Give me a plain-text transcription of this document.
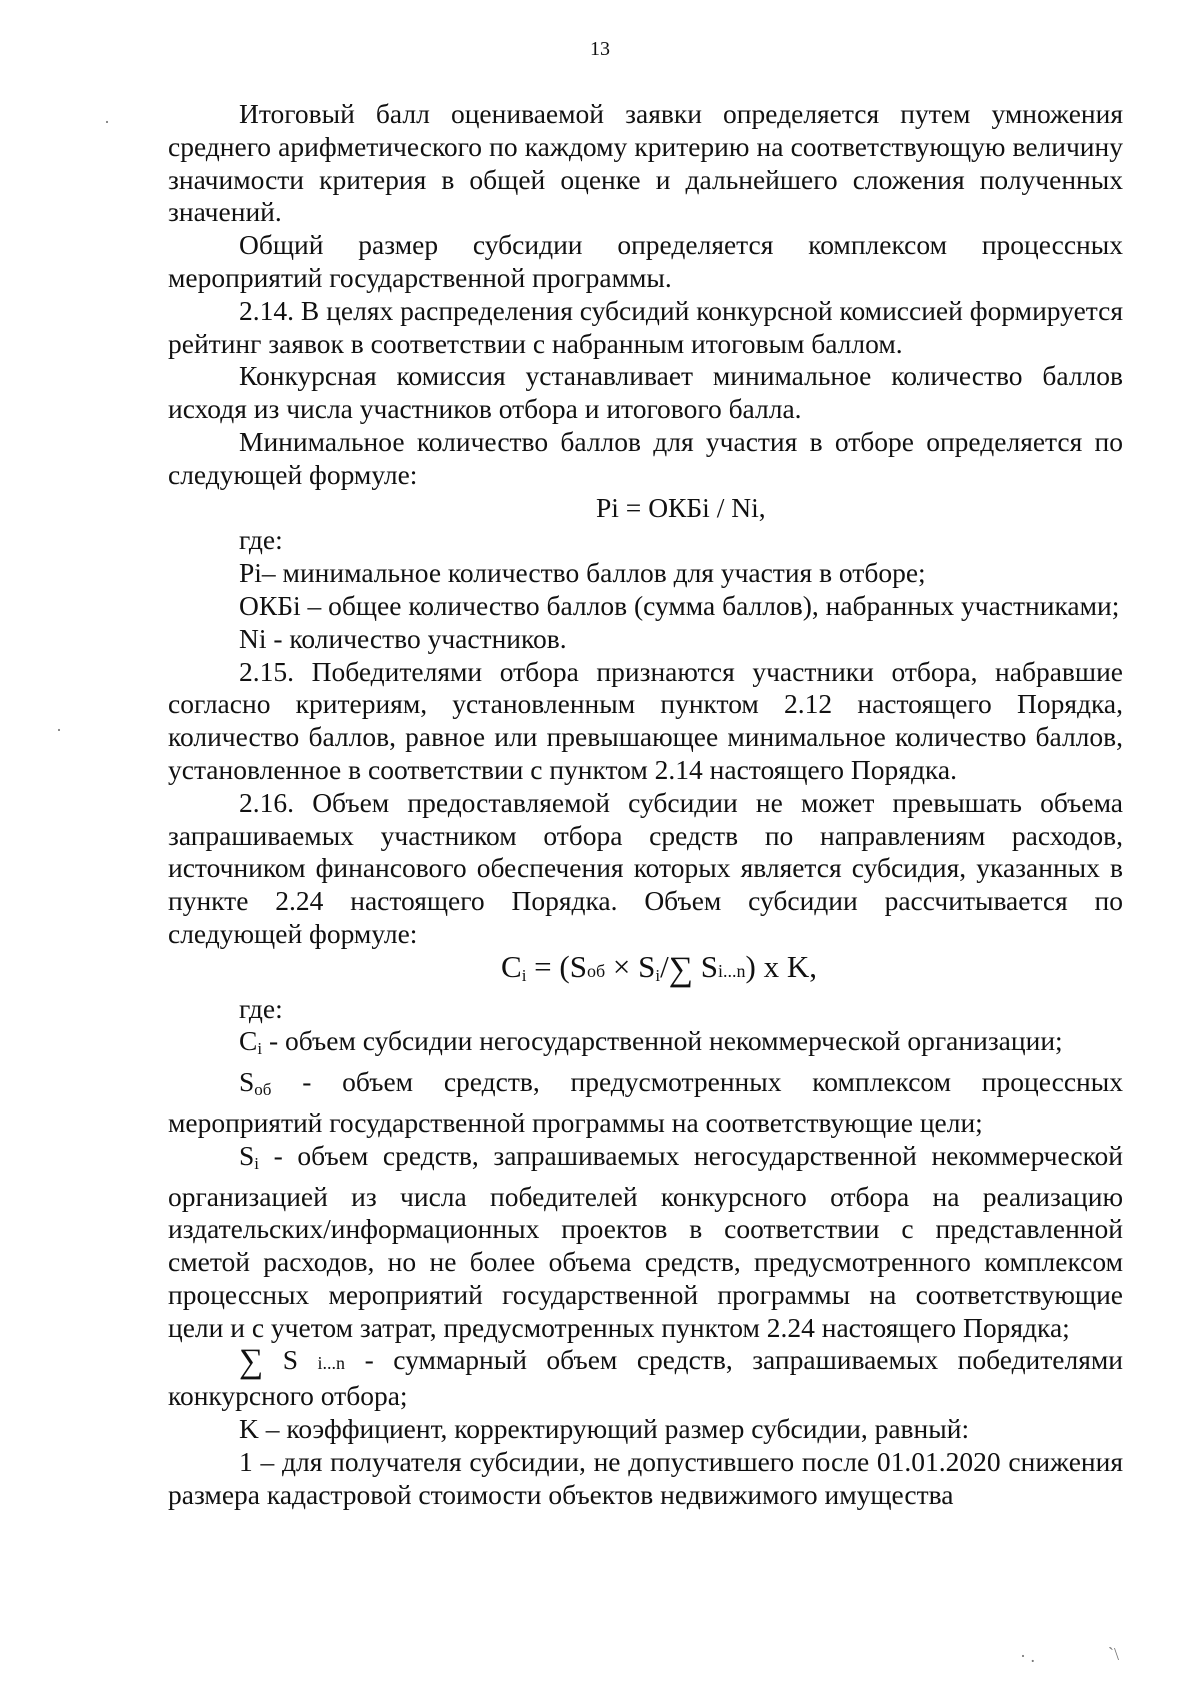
13

Итоговый балл оцениваемой заявки определяется путем умножения среднего арифметического по каждому критерию на соответствующую величину значимости критерия в общей оценке и дальнейшего сложения полученных значений.

Общий размер субсидии определяется комплексом процессных мероприятий государственной программы.

2.14. В целях распределения субсидий конкурсной комиссией формируется рейтинг заявок в соответствии с набранным итоговым баллом.

Конкурсная комиссия устанавливает минимальное количество баллов исходя из числа участников отбора и итогового балла.

Минимальное количество баллов для участия в отборе определяется по следующей формуле:

Pi = ОКБi / Ni,

где:

Pi– минимальное количество баллов для участия в отборе;

ОКБi – общее количество баллов (сумма баллов), набранных участниками;

Ni - количество участников.

2.15. Победителями отбора признаются участники отбора, набравшие согласно критериям, установленным пунктом 2.12 настоящего Порядка, количество баллов, равное или превышающее минимальное количество баллов, установленное в соответствии с пунктом 2.14 настоящего Порядка.

2.16. Объем предоставляемой субсидии не может превышать объема запрашиваемых участником отбора средств по направлениям расходов, источником финансового обеспечения которых является субсидия, указанных в пункте 2.24 настоящего Порядка. Объем субсидии рассчитывается по следующей формуле:

$C_i = (Sоб \times S_i/\sum$ Si...n) x K,

где:

$C_i$ - объем субсидии негосударственной некоммерческой организации;

$S_{об}$ - объем средств, предусмотренных комплексом процессных мероприятий государственной программы на соответствующие цели;

$S_i$ - объем средств, запрашиваемых негосударственной некоммерческой организацией из числа победителей конкурсного отбора на реализацию издательских/информационных проектов в соответствии с представленной сметой расходов, но не более объема средств, предусмотренного комплексом процессных мероприятий государственной программы на соответствующие цели и с учетом затрат, предусмотренных пунктом 2.24 настоящего Порядка;

∑ S i...n - суммарный объем средств, запрашиваемых победителями конкурсного отбора;

K – коэффициент, корректирующий размер субсидии, равный:

1 – для получателя субсидии, не допустившего после 01.01.2020 снижения размера кадастровой стоимости объектов недвижимого имущества

·
·
· .	`\
